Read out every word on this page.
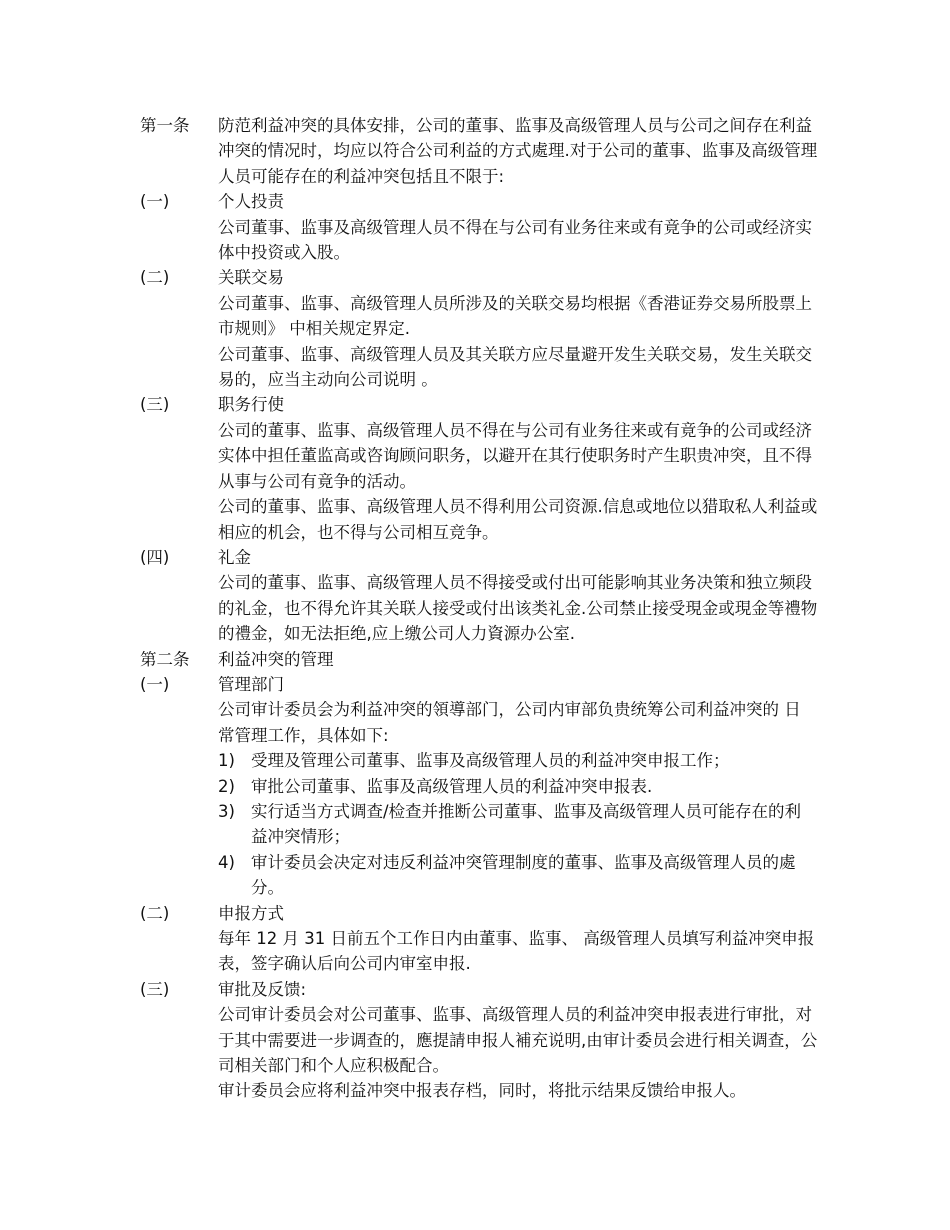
第一条	防范利益冲突的具体安排，公司的董事、监事及高级管理人员与公司之间存在利益冲突的情况时，均应以符合公司利益的方式處理.对于公司的董事、监事及高级管理人员可能存在的利益冲突包括且不限于:
(一)	个人投责
公司董事、监事及高级管理人员不得在与公司有业务往来或有竟争的公司或经济实体中投资或入股。
(二)	关联交易
公司董事、监事、高级管理人员所涉及的关联交易均根据《香港证券交易所股票上市规则》 中相关规定界定.
公司董事、监事、高级管理人员及其关联方应尽量避开发生关联交易，发生关联交易的，应当主动向公司说明 。
(三)	职务行使
公司的董事、监事、高级管理人员不得在与公司有业务往来或有竟争的公司或经济实体中担任董监高或咨询顾问职务，以避开在其行使职务时产生职贵冲突，且不得从事与公司有竟争的活动。
公司的董事、监事、高级管理人员不得利用公司资源.信息或地位以猎取私人利益或相应的机会，也不得与公司相互竞争。
(四)	礼金
公司的董事、监事、高级管理人员不得接受或付出可能影响其业务决策和独立频段的礼金，也不得允许其关联人接受或付出该类礼金.公司禁止接受現金或現金等禮物的禮金，如无法拒绝,应上缴公司人力資源办公室.
第二条	利益冲突的管理
(一)	管理部门
公司审计委员会为利益冲突的領導部门，公司内审部负贵统筹公司利益冲突的 日 常管理工作，具体如下:
1) 受理及管理公司董事、监事及高级管理人员的利益冲突申报工作；
2) 审批公司董事、监事及高级管理人员的利益冲突申报表.
3) 实行适当方式调查/检查并推断公司董事、监事及高级管理人员可能存在的利益冲突情形；
4) 审计委员会决定对违反利益冲突管理制度的董事、监事及高级管理人员的處分。
(二)	申报方式
每年 12 月 31 日前五个工作日内由董事、监事、 高级管理人员填写利益冲突申报表，签字确认后向公司内审室申报.
(三)	审批及反馈:
公司审计委员会对公司董事、监事、高级管理人员的利益冲突申报表进行审批，对于其中需要进一步调查的，應提請申报人補充说明,由审计委员会进行相关调查，公司相关部门和个人应积极配合。
审计委员会应将利益冲突中报表存档，同时，将批示结果反馈给申报人。
